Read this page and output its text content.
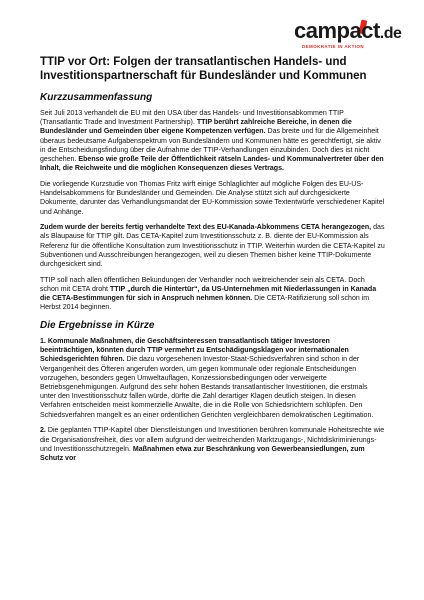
campact.de
DEMOKRATIE IN AKTION
TTIP vor Ort: Folgen der transatlantischen Handels- und Investitionspartnerschaft für Bundesländer und Kommunen
Kurzzusammenfassung

Seit Juli 2013 verhandelt die EU mit den USA über das Handels- und Investitionsabkommen TTIP (Transatlantic Trade and Investment Partnership). TTIP berührt zahlreiche Bereiche, in denen die Bundesländer und Gemeinden über eigene Kompetenzen verfügen. Das breite und für die Allgemeinheit überaus bedeutsame Aufgabenspektrum von Bundesländern und Kommunen hätte es gerechtfertigt, sie aktiv in die Entscheidungsfindung über die Aufnahme der TTIP-Verhandlungen einzubinden. Doch dies ist nicht geschehen. Ebenso wie große Teile der Öffentlichkeit rätseln Landes- und Kommunalvertreter über den Inhalt, die Reichweite und die möglichen Konsequenzen dieses Vertrags.

Die vorliegende Kurzstudie von Thomas Fritz wirft einige Schlaglichter auf mögliche Folgen des EU-US-Handelsabkommens für Bundesländer und Gemeinden. Die Analyse stützt sich auf durchgesickerte Dokumente, darunter das Verhandlungsmandat der EU-Kommission sowie Textentwürfe verschiedener Kapitel und Anhänge.

Zudem wurde der bereits fertig verhandelte Text des EU-Kanada-Abkommens CETA herangezogen, das als Blaupause für TTIP gilt. Das CETA-Kapitel zum Investitionsschutz z. B. diente der EU-Kommission als Referenz für die öffentliche Konsultation zum Investitionsschutz in TTIP. Weiterhin wurden die CETA-Kapitel zu Subventionen und Ausschreibungen herangezogen, weil zu diesen Themen bisher keine TTIP-Dokumente durchgesickert sind.

TTIP soll nach allen öffentlichen Bekundungen der Verhandler noch weitreichender sein als CETA. Doch schon mit CETA droht TTIP „durch die Hintertür“, da US-Unternehmen mit Niederlassungen in Kanada die CETA-Bestimmungen für sich in Anspruch nehmen können. Die CETA-Ratifizierung soll schon im Herbst 2014 beginnen.

Die Ergebnisse in Kürze

1. Kommunale Maßnahmen, die Geschäftsinteressen transatlantisch tätiger Investoren beeinträchtigen, könnten durch TTIP vermehrt zu Entschädigungsklagen vor internationalen Schiedsgerichten führen. Die dazu vorgesehenen Investor-Staat-Schiedsverfahren sind schon in der Vergangenheit des Öfteren angerufen worden, um gegen kommunale oder regionale Entscheidungen vorzugehen, besonders gegen Umweltauflagen, Konzessionsbedingungen oder verweigerte Betriebsgenehmigungen. Aufgrund des sehr hohen Bestands transatlantischer Investitionen, die erstmals unter den Investitionsschutz fallen würde, dürfte die Zahl derartiger Klagen deutlich steigen. In diesen Verfahren entscheiden meist kommerzielle Anwälte, die in die Rolle von Schiedsrichtern schlüpfen. Den Schiedsverfahren mangelt es an einer ordentlichen Gerichten vergleichbaren demokratischen Legitimation.

2. Die geplanten TTIP-Kapitel über Dienstleistungen und Investitionen berühren kommunale Hoheitsrechte wie die Organisationsfreiheit, dies vor allem aufgrund der weitreichenden Marktzugangs-, Nichtdiskriminierungs- und Investitionsschutzregeln. Maßnahmen etwa zur Beschränkung von Gewerbeansiedlungen, zum Schutz vor
